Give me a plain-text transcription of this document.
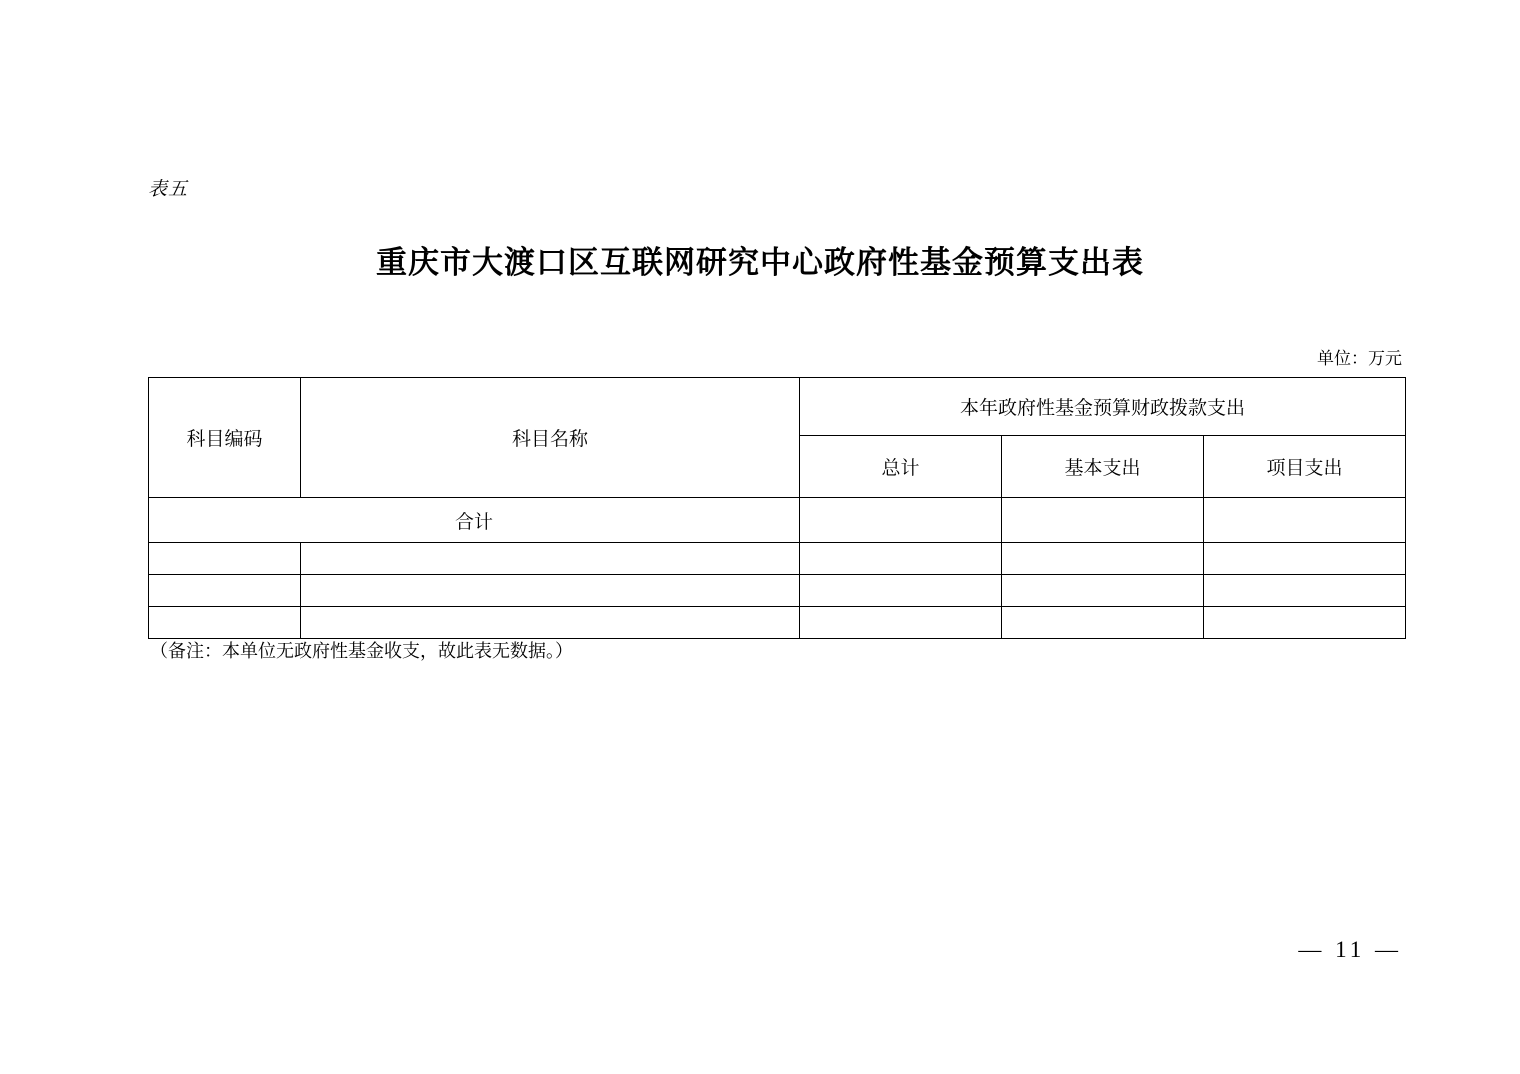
表五
重庆市大渡口区互联网研究中心政府性基金预算支出表
单位：万元
科目编码	科目名称	本年政府性基金预算财政拨款支出		
		总计	基本支出	项目支出
合计				

（备注：本单位无政府性基金收支，故此表无数据。）
— 11 —
